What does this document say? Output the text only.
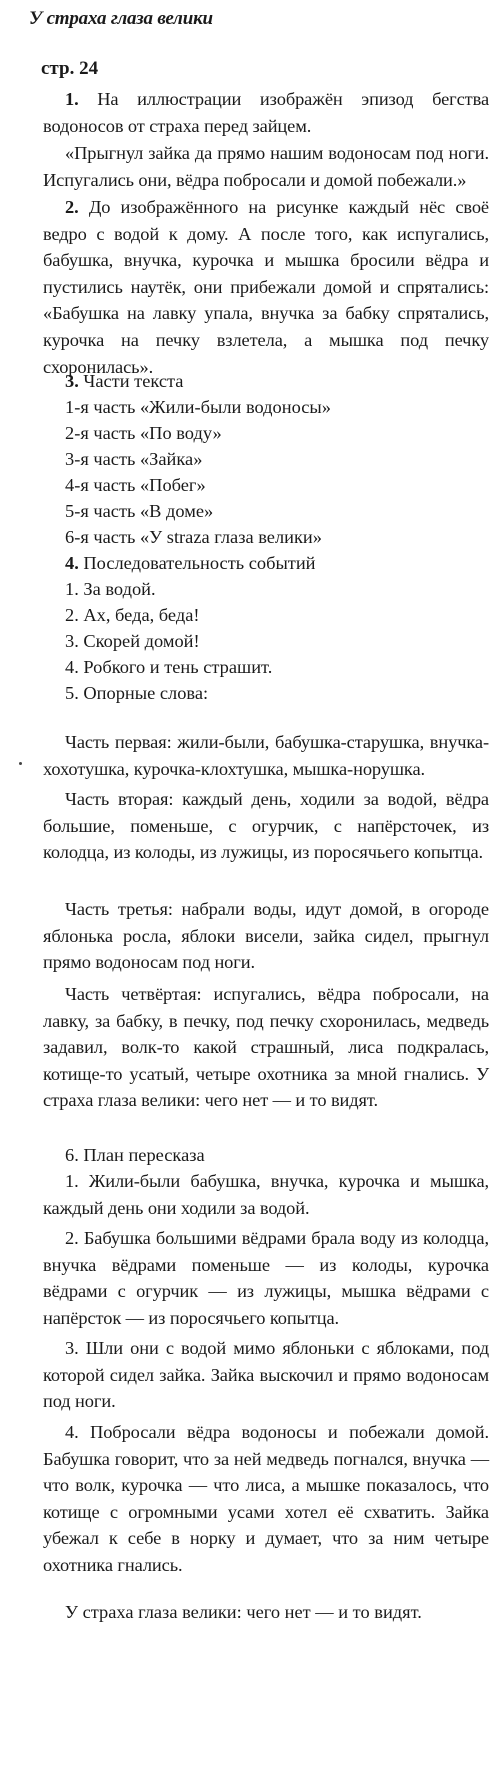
У страха глаза велики
стр. 24
1. На иллюстрации изображён эпизод бегства водоносов от страха перед зайцем.
«Прыгнул зайка да прямо нашим водоносам под ноги. Испугались они, вёдра побросали и домой побежали.»
2. До изображённого на рисунке каждый нёс своё ведро с водой к дому. А после того, как испугались, бабушка, внучка, курочка и мышка бросили вёдра и пустились наутёк, они прибежали домой и спрятались: «Бабушка на лавку упала, внучка за бабку спрятались, курочка на печку взлетела, а мышка под печку схоронилась».
3. Части текста
1-я часть «Жили-были водоносы»
2-я часть «По воду»
3-я часть «Зайка»
4-я часть «Побег»
5-я часть «В доме»
6-я часть «У straza глаза велики»
4. Последовательность событий
1. За водой.
2. Ах, беда, беда!
3. Скорей домой!
4. Робкого и тень страшит.
5. Опорные слова:
Часть первая: жили-были, бабушка-старушка, внучка-хохотушка, курочка-клохтушка, мышка-норушка.
Часть вторая: каждый день, ходили за водой, вёдра большие, поменьше, с огурчик, с напёрсточек, из колодца, из колоды, из лужицы, из поросячьего копытца.
Часть третья: набрали воды, идут домой, в огороде яблонька росла, яблоки висели, зайка сидел, прыгнул прямо водоносам под ноги.
Часть четвёртая: испугались, вёдра побросали, на лавку, за бабку, в печку, под печку схоронилась, медведь задавил, волк-то какой страшный, лиса подкралась, котище-то усатый, четыре охотника за мной гнались. У страха глаза велики: чего нет — и то видят.
6. План пересказа
1. Жили-были бабушка, внучка, курочка и мышка, каждый день они ходили за водой.
2. Бабушка большими вёдрами брала воду из колодца, внучка вёдрами поменьше — из колоды, курочка вёдрами с огурчик — из лужицы, мышка вёдрами с напёрсток — из поросячьего копытца.
3. Шли они с водой мимо яблоньки с яблоками, под которой сидел зайка. Зайка выскочил и прямо водоносам под ноги.
4. Побросали вёдра водоносы и побежали домой. Бабушка говорит, что за ней медведь погнался, внучка — что волк, курочка — что лиса, а мышке показалось, что котище с огромными усами хотел её схватить. Зайка убежал к себе в норку и думает, что за ним четыре охотника гнались.
У страха глаза велики: чего нет — и то видят.
